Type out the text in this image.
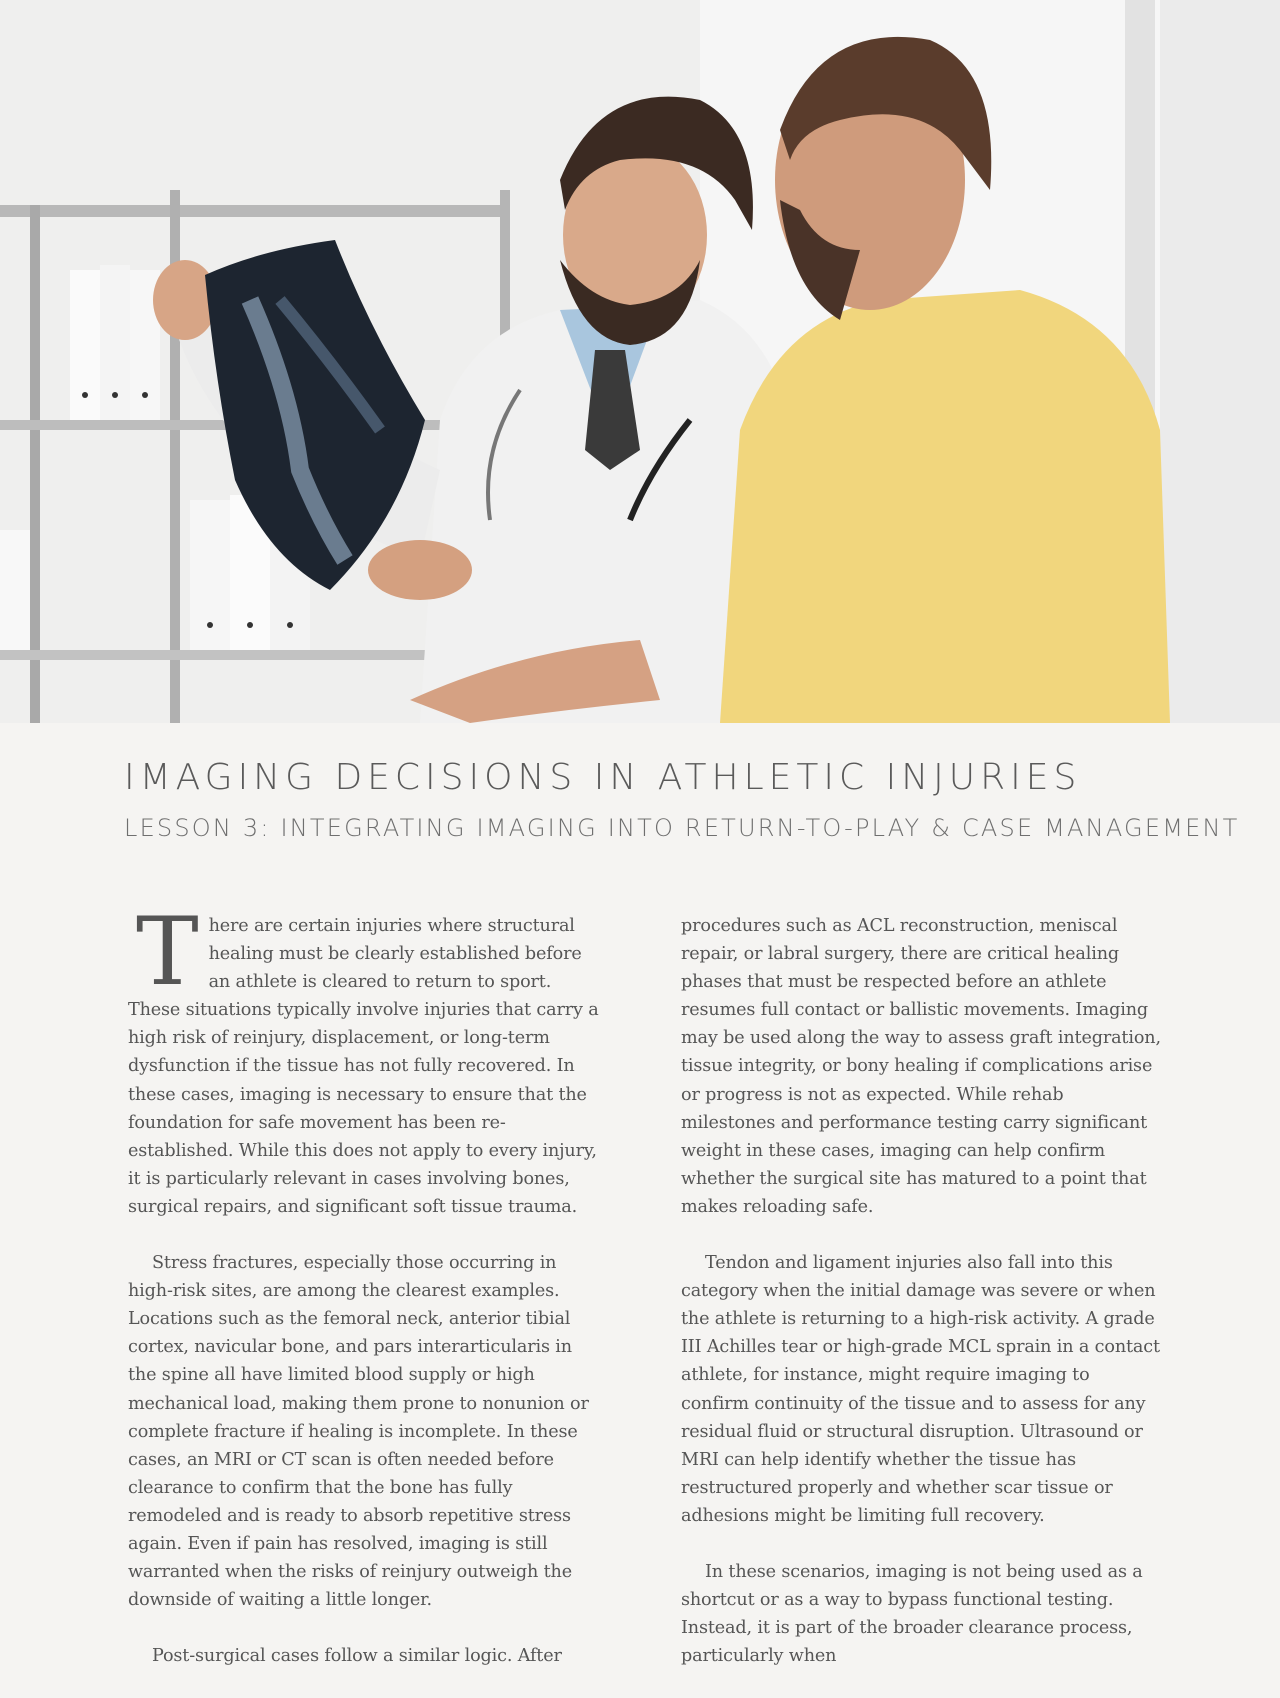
IMAGING DECISIONS IN ATHLETIC INJURIES
LESSON 3: INTEGRATING IMAGING INTO RETURN-TO-PLAY & CASE MANAGEMENT

There are certain injuries where structural healing must be clearly established before an athlete is cleared to return to sport. These situations typically involve injuries that carry a high risk of reinjury, displacement, or long-term dysfunction if the tissue has not fully recovered. In these cases, imaging is necessary to ensure that the foundation for safe movement has been re-established. While this does not apply to every injury, it is particularly relevant in cases involving bones, surgical repairs, and significant soft tissue trauma.

Stress fractures, especially those occurring in high-risk sites, are among the clearest examples. Locations such as the femoral neck, anterior tibial cortex, navicular bone, and pars interarticularis in the spine all have limited blood supply or high mechanical load, making them prone to nonunion or complete fracture if healing is incomplete. In these cases, an MRI or CT scan is often needed before clearance to confirm that the bone has fully remodeled and is ready to absorb repetitive stress again. Even if pain has resolved, imaging is still warranted when the risks of reinjury outweigh the downside of waiting a little longer.

Post-surgical cases follow a similar logic. After

procedures such as ACL reconstruction, meniscal repair, or labral surgery, there are critical healing phases that must be respected before an athlete resumes full contact or ballistic movements. Imaging may be used along the way to assess graft integration, tissue integrity, or bony healing if complications arise or progress is not as expected. While rehab milestones and performance testing carry significant weight in these cases, imaging can help confirm whether the surgical site has matured to a point that makes reloading safe.

Tendon and ligament injuries also fall into this category when the initial damage was severe or when the athlete is returning to a high-risk activity. A grade III Achilles tear or high-grade MCL sprain in a contact athlete, for instance, might require imaging to confirm continuity of the tissue and to assess for any residual fluid or structural disruption. Ultrasound or MRI can help identify whether the tissue has restructured properly and whether scar tissue or adhesions might be limiting full recovery.

In these scenarios, imaging is not being used as a shortcut or as a way to bypass functional testing. Instead, it is part of the broader clearance process, particularly when
